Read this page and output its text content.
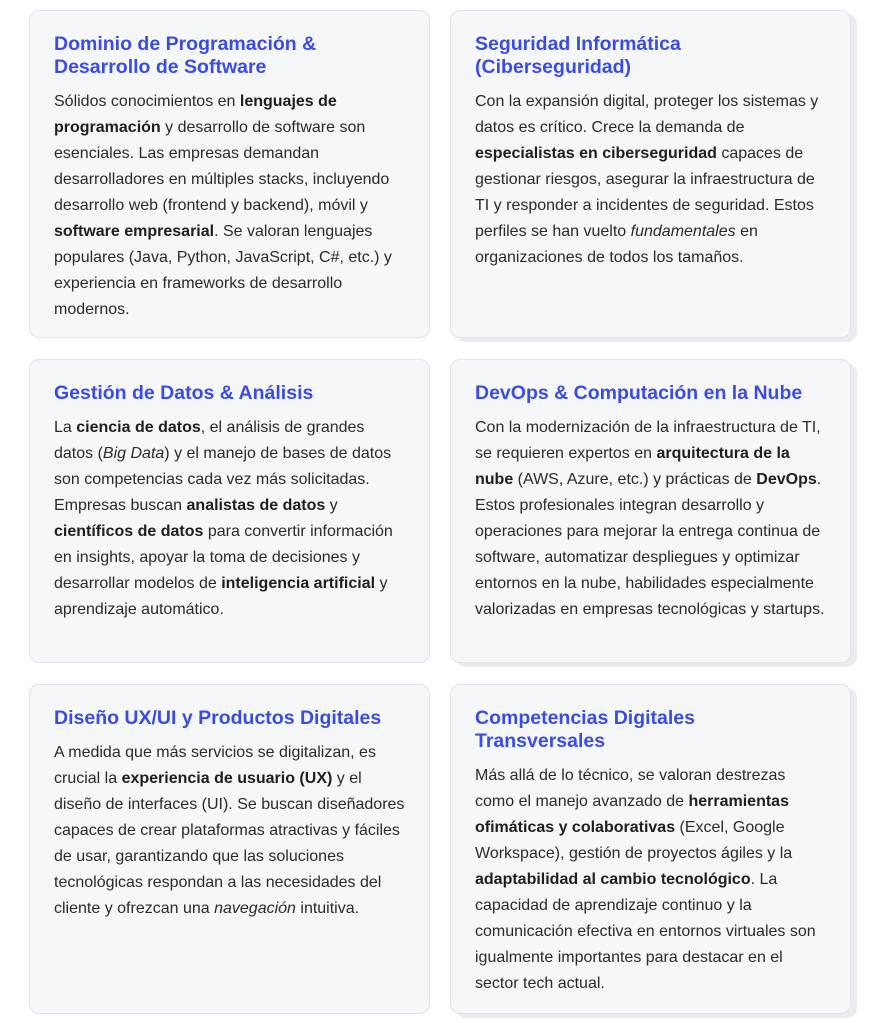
Dominio de Programación & Desarrollo de Software

Sólidos conocimientos en lenguajes de programación y desarrollo de software son esenciales. Las empresas demandan desarrolladores en múltiples stacks, incluyendo desarrollo web (frontend y backend), móvil y software empresarial. Se valoran lenguajes populares (Java, Python, JavaScript, C#, etc.) y experiencia en frameworks de desarrollo modernos.

Seguridad Informática (Ciberseguridad)

Con la expansión digital, proteger los sistemas y datos es crítico. Crece la demanda de especialistas en ciberseguridad capaces de gestionar riesgos, asegurar la infraestructura de TI y responder a incidentes de seguridad. Estos perfiles se han vuelto fundamentales en organizaciones de todos los tamaños.

Gestión de Datos & Análisis

La ciencia de datos, el análisis de grandes datos (Big Data) y el manejo de bases de datos son competencias cada vez más solicitadas. Empresas buscan analistas de datos y científicos de datos para convertir información en insights, apoyar la toma de decisiones y desarrollar modelos de inteligencia artificial y aprendizaje automático.

DevOps & Computación en la Nube

Con la modernización de la infraestructura de TI, se requieren expertos en arquitectura de la nube (AWS, Azure, etc.) y prácticas de DevOps. Estos profesionales integran desarrollo y operaciones para mejorar la entrega continua de software, automatizar despliegues y optimizar entornos en la nube, habilidades especialmente valorizadas en empresas tecnológicas y startups.

Diseño UX/UI y Productos Digitales

A medida que más servicios se digitalizan, es crucial la experiencia de usuario (UX) y el diseño de interfaces (UI). Se buscan diseñadores capaces de crear plataformas atractivas y fáciles de usar, garantizando que las soluciones tecnológicas respondan a las necesidades del cliente y ofrezcan una navegación intuitiva.

Competencias Digitales Transversales

Más allá de lo técnico, se valoran destrezas como el manejo avanzado de herramientas ofimáticas y colaborativas (Excel, Google Workspace), gestión de proyectos ágiles y la adaptabilidad al cambio tecnológico. La capacidad de aprendizaje continuo y la comunicación efectiva en entornos virtuales son igualmente importantes para destacar en el sector tech actual.
